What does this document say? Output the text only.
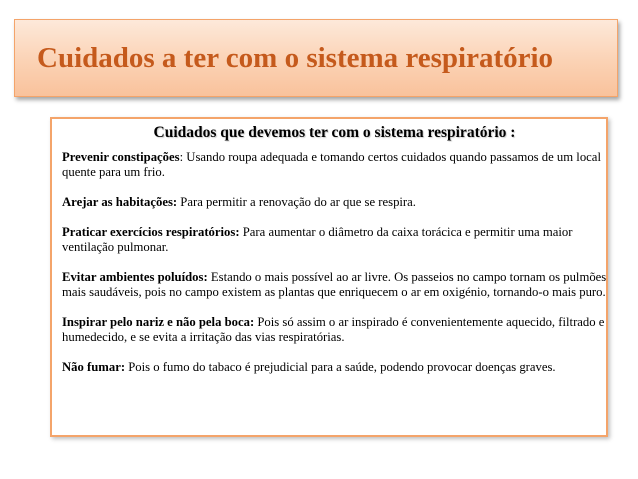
Cuidados a ter com o sistema respiratório
Cuidados que devemos ter com o sistema respiratório :
Prevenir constipações: Usando roupa adequada e tomando certos cuidados quando passamos de um local quente para um frio.
Arejar as habitações: Para permitir a renovação do ar que se respira.
Praticar exercícios respiratórios: Para aumentar o diâmetro da caixa torácica e permitir uma maior ventilação pulmonar.
Evitar ambientes poluídos: Estando o mais possível ao ar livre. Os passeios no campo tornam os pulmões mais saudáveis, pois no campo existem as plantas que enriquecem o ar em oxigénio, tornando-o mais puro.
Inspirar pelo nariz e não pela boca: Pois só assim o ar inspirado é convenientemente aquecido, filtrado e humedecido, e se evita a irritação das vias respiratórias.
Não fumar: Pois o fumo do tabaco é prejudicial para a saúde, podendo provocar doenças graves.
